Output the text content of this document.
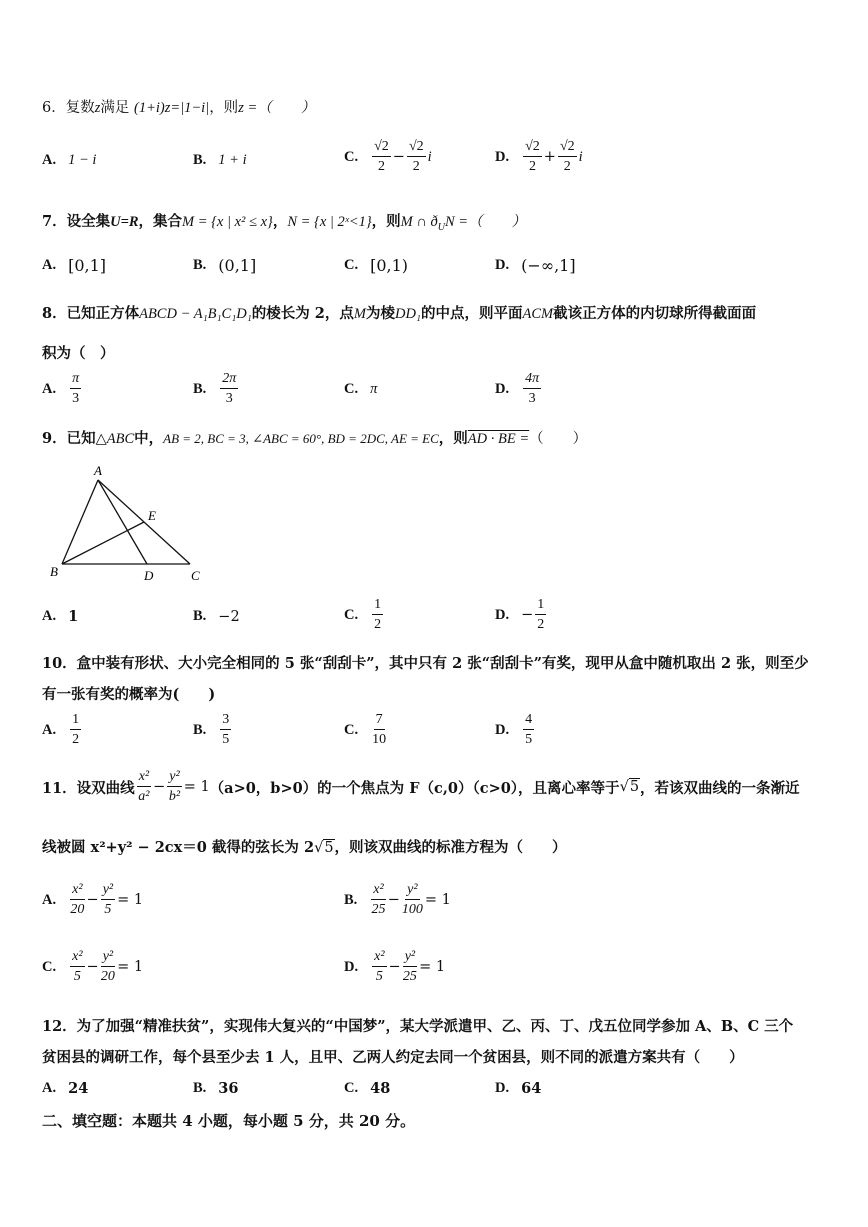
6．复数z满足 (1+i)z=|1−i|，则z =（　　）
A. 1 − i	B. 1 + i	C. $\frac{√2}{2} - \frac{√2}{2}$ i	D. $\frac{√2}{2} + \frac{√2}{2}$ i
7．设全集U=R，集合M = {x | x² ≤ x}，N = {x | 2ˣ<1}，则M ∩ $ð_UN$ =（　　）
A. [0,1]	B. (0,1]	C. [0,1)	D. (−∞,1]
8．已知正方体ABCD − A₁B₁C₁D₁的棱长为 2，点M为棱DD₁的中点，则平面ACM截该正方体的内切球所得截面面
积为（　）
A. $\frac{\pi}{3}$	B. $\frac{2\pi}{3}$	C. π	D. $\frac{4\pi}{3}$
9．已知△ABC中，AB = 2, BC = 3, ∠ABC = 60°, BD = 2DC, AE = EC，则AD · BE =（　　）
A
B	C
D
E
A. 1	B. −2	C. $\frac{1}{2}$	D. − $\frac{1}{2}$
10．盒中装有形状、大小完全相同的 5 张“刮刮卡”，其中只有 2 张“刮刮卡”有奖，现甲从盒中随机取出 2 张，则至少
有一张有奖的概率为(　　)
A. $\frac{1}{2}$	B. $\frac{3}{5}$	C. $\frac{7}{10}$	D. $\frac{4}{5}$
11．设双曲线 $\frac{\text{x²}}{\text{a²}} - \frac{\text{y²}}{\text{b²}} = 1$ （a>0，b>0）的一个焦点为 F（c,0）（c>0），且离心率等于 √5 ，若该双曲线的一条渐近
线被圆 x²+y² − 2cx＝0 截得的弦长为 2√5，则该双曲线的标准方程为（　　）
A. $\frac{\text{x²}}{20} - \frac{\text{y²}}{5} = 1$	B. $\frac{\text{x²}}{25} - \frac{\text{y²}}{100} = 1$
C. $\frac{\text{x²}}{5} - \frac{\text{y²}}{20} = 1$	D. $\frac{\text{x²}}{5} - \frac{\text{y²}}{25} = 1$
12．为了加强“精准扶贫”，实现伟大复兴的“中国梦”，某大学派遣甲、乙、丙、丁、戊五位同学参加 A、B、C 三个
贫困县的调研工作，每个县至少去 1 人，且甲、乙两人约定去同一个贫困县，则不同的派遣方案共有（　　）
A. 24	B. 36	C. 48	D. 64
二、填空题：本题共 4 小题，每小题 5 分，共 20 分。
